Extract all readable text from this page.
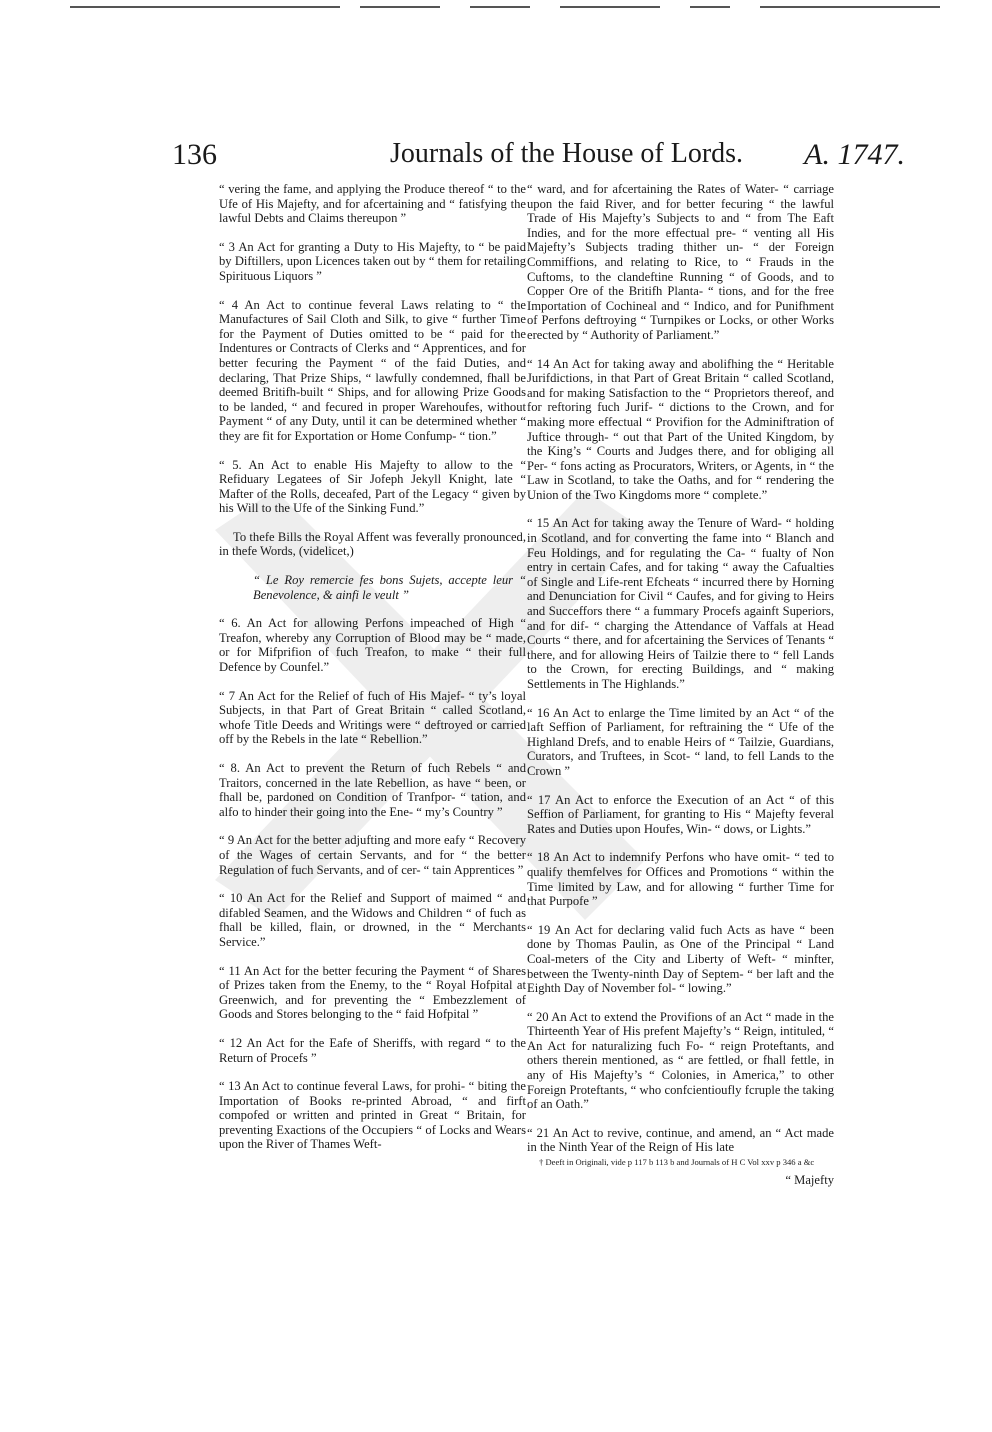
136	Journals of the House of Lords. A. 1747.

“ vering the fame, and applying the Produce thereof “ to the Ufe of His Majefty, and for afcertaining and “ fatisfying the lawful Debts and Claims thereupon ”

“ 3 An Act for granting a Duty to His Majefty, to “ be paid by Diftillers, upon Licences taken out by “ them for retailing Spirituous Liquors ”

“ 4 An Act to continue feveral Laws relating to “ the Manufactures of Sail Cloth and Silk, to give “ further Time for the Payment of Duties omitted to be “ paid for the Indentures or Contracts of Clerks and “ Apprentices, and for better fecuring the Payment “ of the faid Duties, and declaring, That Prize Ships, “ lawfully condemned, fhall be deemed Britifh-built “ Ships, and for allowing Prize Goods to be landed, “ and fecured in proper Warehoufes, without Payment “ of any Duty, until it can be determined whether “ they are fit for Exportation or Home Confump- “ tion.”

“ 5. An Act to enable His Majefty to allow to the “ Refiduary Legatees of Sir Jofeph Jekyll Knight, late “ Mafter of the Rolls, deceafed, Part of the Legacy “ given by his Will to the Ufe of the Sinking Fund.”

To thefe Bills the Royal Affent was feverally pronounced, in thefe Words, (videlicet,)

“ Le Roy remercie fes bons Sujets, accepte leur “ Benevolence, & ainfi le veult ”

“ 6. An Act for allowing Perfons impeached of High “ Treafon, whereby any Corruption of Blood may be “ made, or for Mifprifion of fuch Treafon, to make “ their full Defence by Counfel.”

“ 7 An Act for the Relief of fuch of His Majef- “ ty’s loyal Subjects, in that Part of Great Britain “ called Scotland, whofe Title Deeds and Writings were “ deftroyed or carried off by the Rebels in the late “ Rebellion.”

“ 8. An Act to prevent the Return of fuch Rebels “ and Traitors, concerned in the late Rebellion, as have “ been, or fhall be, pardoned on Condition of Tranfpor- “ tation, and alfo to hinder their going into the Ene- “ my’s Country ”

“ 9 An Act for the better adjufting and more eafy “ Recovery of the Wages of certain Servants, and for “ the better Regulation of fuch Servants, and of cer- “ tain Apprentices ”

“ 10 An Act for the Relief and Support of maimed “ and difabled Seamen, and the Widows and Children “ of fuch as fhall be killed, flain, or drowned, in the “ Merchants Service.”

“ 11 An Act for the better fecuring the Payment “ of Shares of Prizes taken from the Enemy, to the “ Royal Hofpital at Greenwich, and for preventing the “ Embezzlement of Goods and Stores belonging to the “ faid Hofpital ”

“ 12 An Act for the Eafe of Sheriffs, with regard “ to the Return of Procefs ”

“ 13 An Act to continue feveral Laws, for prohi- “ biting the Importation of Books re-printed Abroad, “ and firft compofed or written and printed in Great “ Britain, for preventing Exactions of the Occupiers “ of Locks and Wears upon the River of Thames Weft-

“ ward, and for afcertaining the Rates of Water- “ carriage upon the faid River, and for better fecuring “ the lawful Trade of His Majefty’s Subjects to and “ from The Eaft Indies, and for the more effectual pre- “ venting all His Majefty’s Subjects trading thither un- “ der Foreign Commiffions, and relating to Rice, to “ Frauds in the Cuftoms, to the clandeftine Running “ of Goods, and to Copper Ore of the Britifh Planta- “ tions, and for the free Importation of Cochineal and “ Indico, and for Punifhment of Perfons deftroying “ Turnpikes or Locks, or other Works erected by “ Authority of Parliament.”

“ 14 An Act for taking away and abolifhing the “ Heritable Jurifdictions, in that Part of Great Britain “ called Scotland, and for making Satisfaction to the “ Proprietors thereof, and for reftoring fuch Jurif- “ dictions to the Crown, and for making more effectual “ Provifion for the Adminiftration of Juftice through- “ out that Part of the United Kingdom, by the King’s “ Courts and Judges there, and for obliging all Per- “ fons acting as Procurators, Writers, or Agents, in “ the Law in Scotland, to take the Oaths, and for “ rendering the Union of the Two Kingdoms more “ complete.”

“ 15 An Act for taking away the Tenure of Ward- “ holding in Scotland, and for converting the fame into “ Blanch and Feu Holdings, and for regulating the Ca- “ fualty of Non entry in certain Cafes, and for taking “ away the Cafualties of Single and Life-rent Efcheats “ incurred there by Horning and Denunciation for Civil “ Caufes, and for giving to Heirs and Succeffors there “ a fummary Procefs againft Superiors, and for dif- “ charging the Attendance of Vaffals at Head Courts “ there, and for afcertaining the Services of Tenants “ there, and for allowing Heirs of Tailzie there to “ fell Lands to the Crown, for erecting Buildings, and “ making Settlements in The Highlands.”

“ 16 An Act to enlarge the Time limited by an Act “ of the laft Seffion of Parliament, for reftraining the “ Ufe of the Highland Drefs, and to enable Heirs of “ Tailzie, Guardians, Curators, and Truftees, in Scot- “ land, to fell Lands to the Crown ”

“ 17 An Act to enforce the Execution of an Act “ of this Seffion of Parliament, for granting to His “ Majefty feveral Rates and Duties upon Houfes, Win- “ dows, or Lights.”

“ 18 An Act to indemnify Perfons who have omit- “ ted to qualify themfelves for Offices and Promotions “ within the Time limited by Law, and for allowing “ further Time for that Purpofe ”

“ 19 An Act for declaring valid fuch Acts as have “ been done by Thomas Paulin, as One of the Principal “ Land Coal-meters of the City and Liberty of Weft- “ minfter, between the Twenty-ninth Day of Septem- “ ber laft and the Eighth Day of November fol- “ lowing.”

“ 20 An Act to extend the Provifions of an Act “ made in the Thirteenth Year of His prefent Majefty’s “ Reign, intituled, “ An Act for naturalizing fuch Fo- “ reign Proteftants, and others therein mentioned, as “ are fettled, or fhall fettle, in any of His Majefty’s “ Colonies, in America,” to other Foreign Proteftants, “ who confcientioufly fcruple the taking of an Oath.”

“ 21 An Act to revive, continue, and amend, an “ Act made in the Ninth Year of the Reign of His late

† Deeft in Originali, vide p 117 b 113 b and Journals of H C Vol xxv p 346 a &c

“ Majefty
